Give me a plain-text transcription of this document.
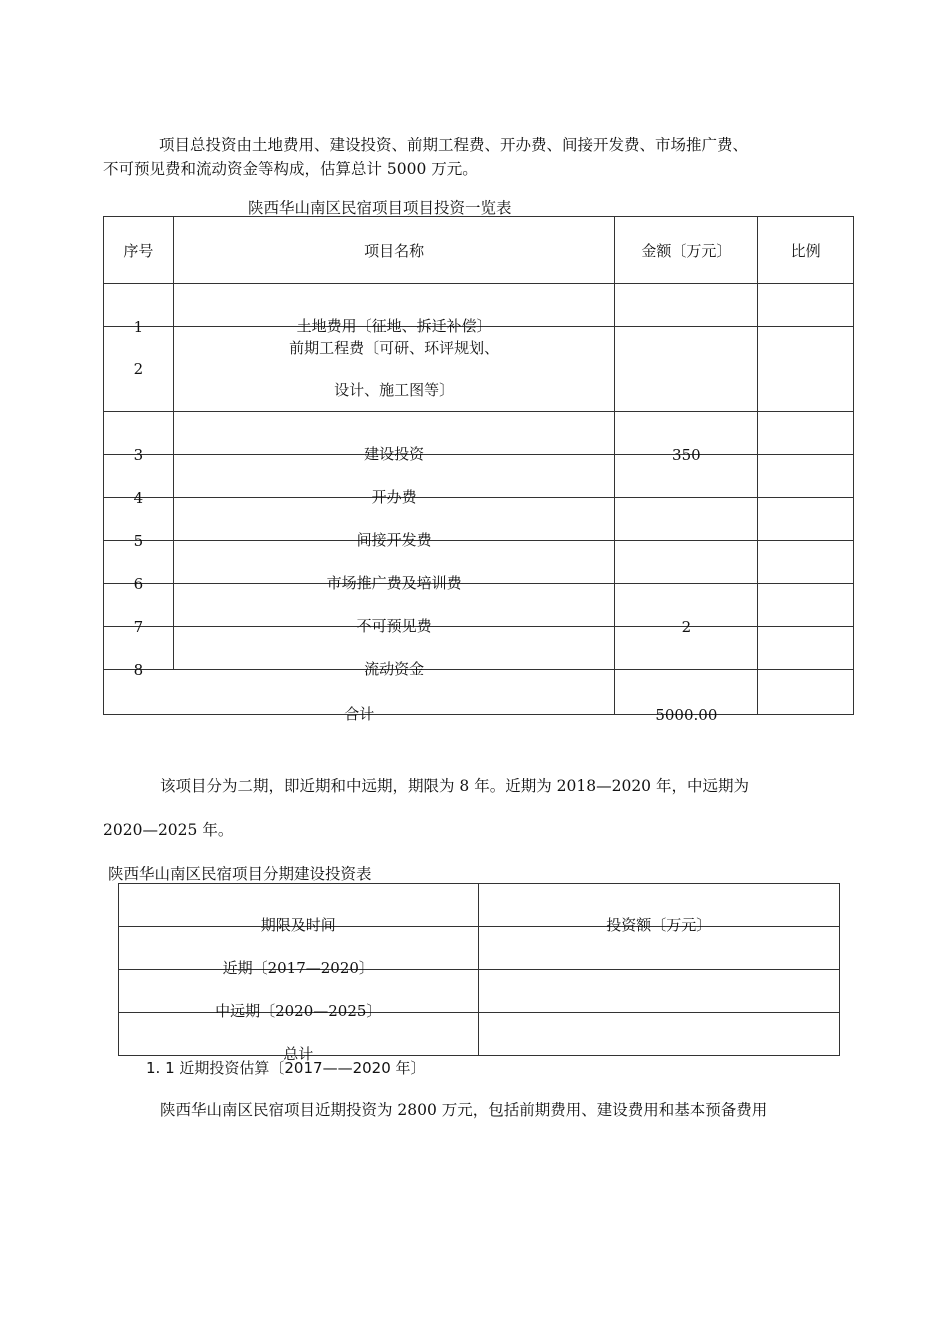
项目总投资由土地费用、建设投资、前期工程费、开办费、间接开发费、市场推广费、
不可预见费和流动资金等构成，估算总计 5000 万元。
陕西华山南区民宿项目项目投资一览表
序号	项目名称	金额〔万元〕	比例

1	土地费用〔征地、拆迁补偿〕		

2	前期工程费〔可研、环评规划、
设计、施工图等〕		

3	建设投资	350	

4	开办费		

5	间接开发费		

6	市场推广费及培训费		

7	不可预见费	2	

8	流动资金		

合计		5000.00	

该项目分为二期，即近期和中远期，期限为 8 年。近期为 2018—2020 年，中远期为
2020—2025 年。
陕西华山南区民宿项目分期建设投资表
期限及时间	投资额〔万元〕

近期〔2017—2020〕	

中远期〔2020—2025〕	

总计	

1. 1 近期投资估算〔2017——2020 年〕
陕西华山南区民宿项目近期投资为 2800 万元，包括前期费用、建设费用和基本预备费用
